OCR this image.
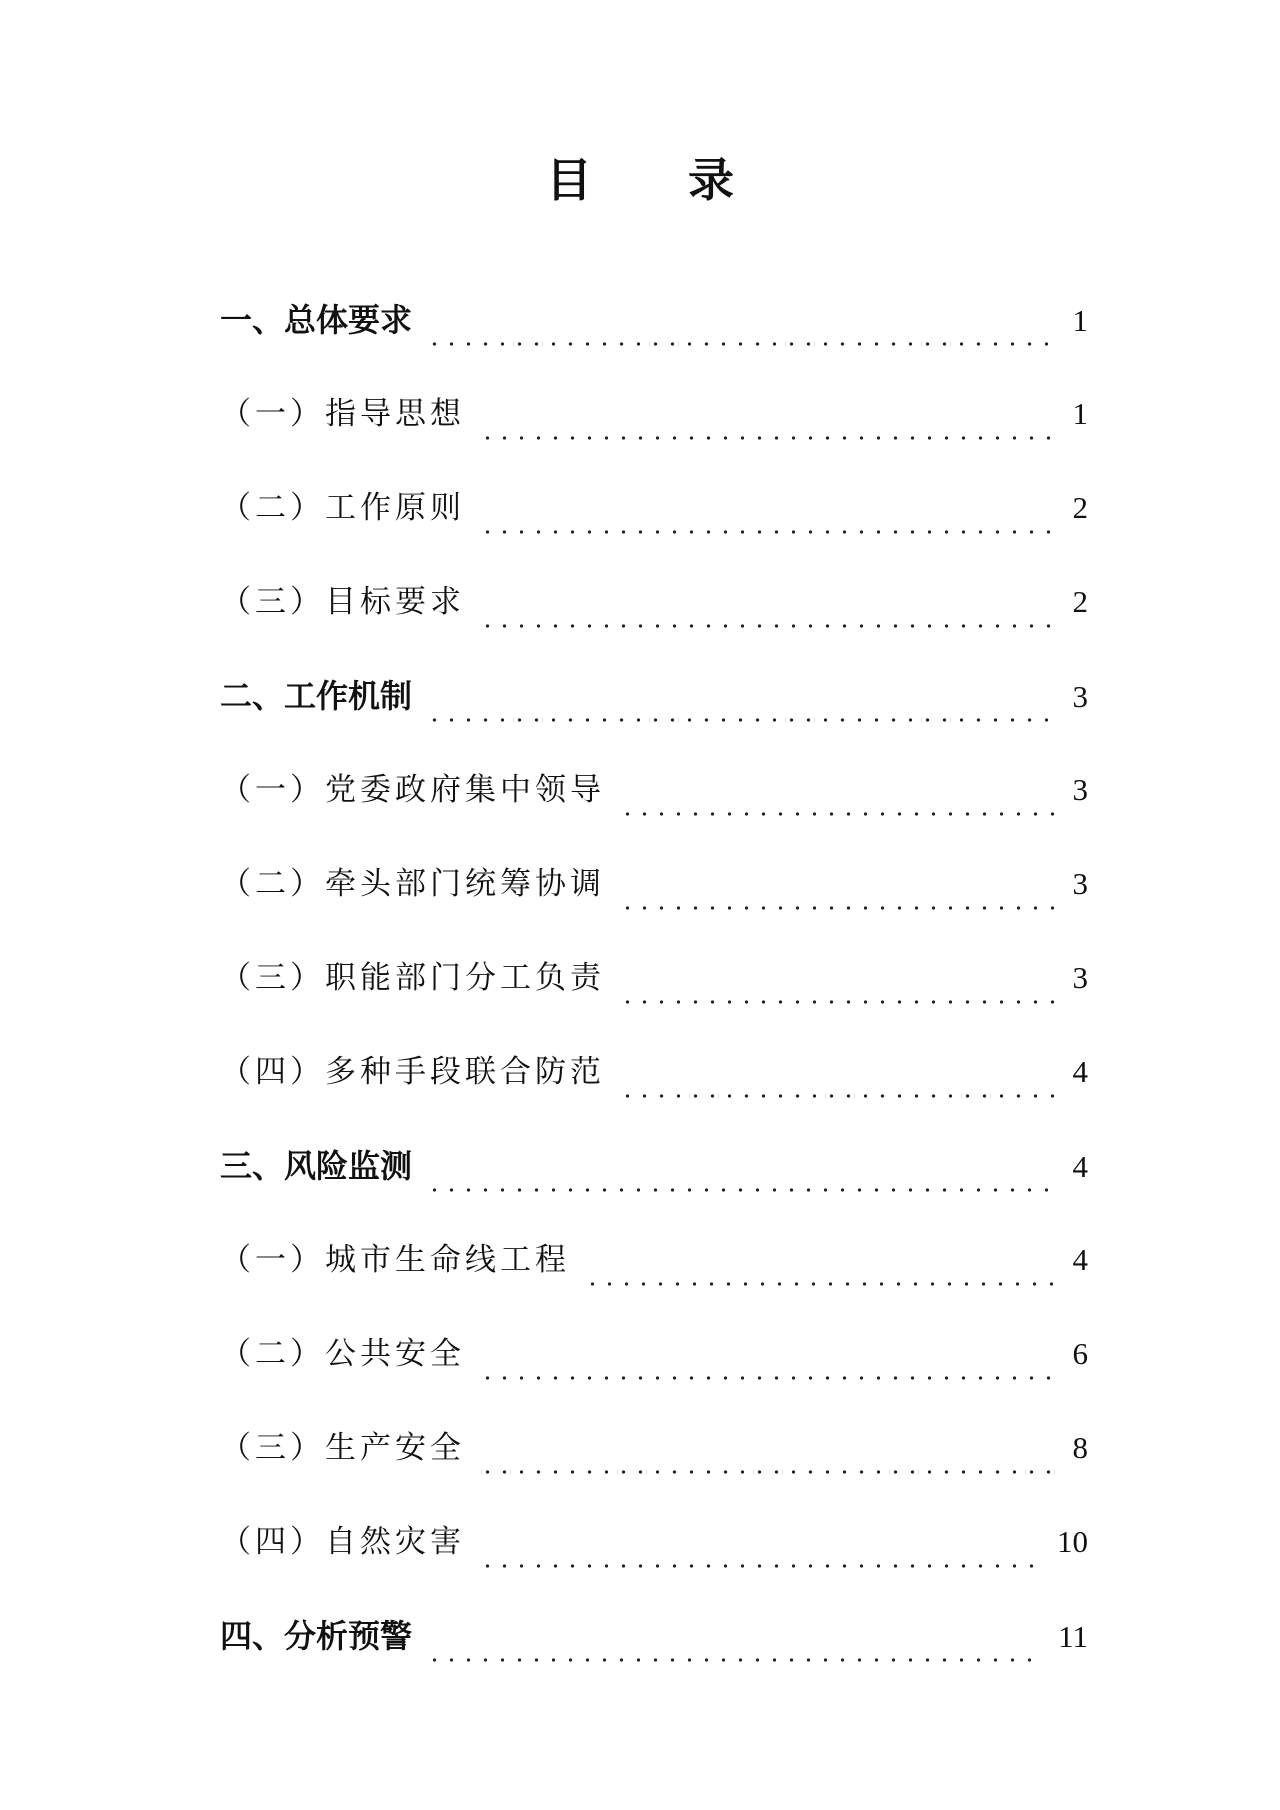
目 录
一、总体要求	1
（一）指导思想	1
（二）工作原则	2
（三）目标要求	2
二、工作机制	3
（一）党委政府集中领导	3
（二）牵头部门统筹协调	3
（三）职能部门分工负责	3
（四）多种手段联合防范	4
三、风险监测	4
（一）城市生命线工程	4
（二）公共安全	6
（三）生产安全	8
（四）自然灾害	10
四、分析预警	11
